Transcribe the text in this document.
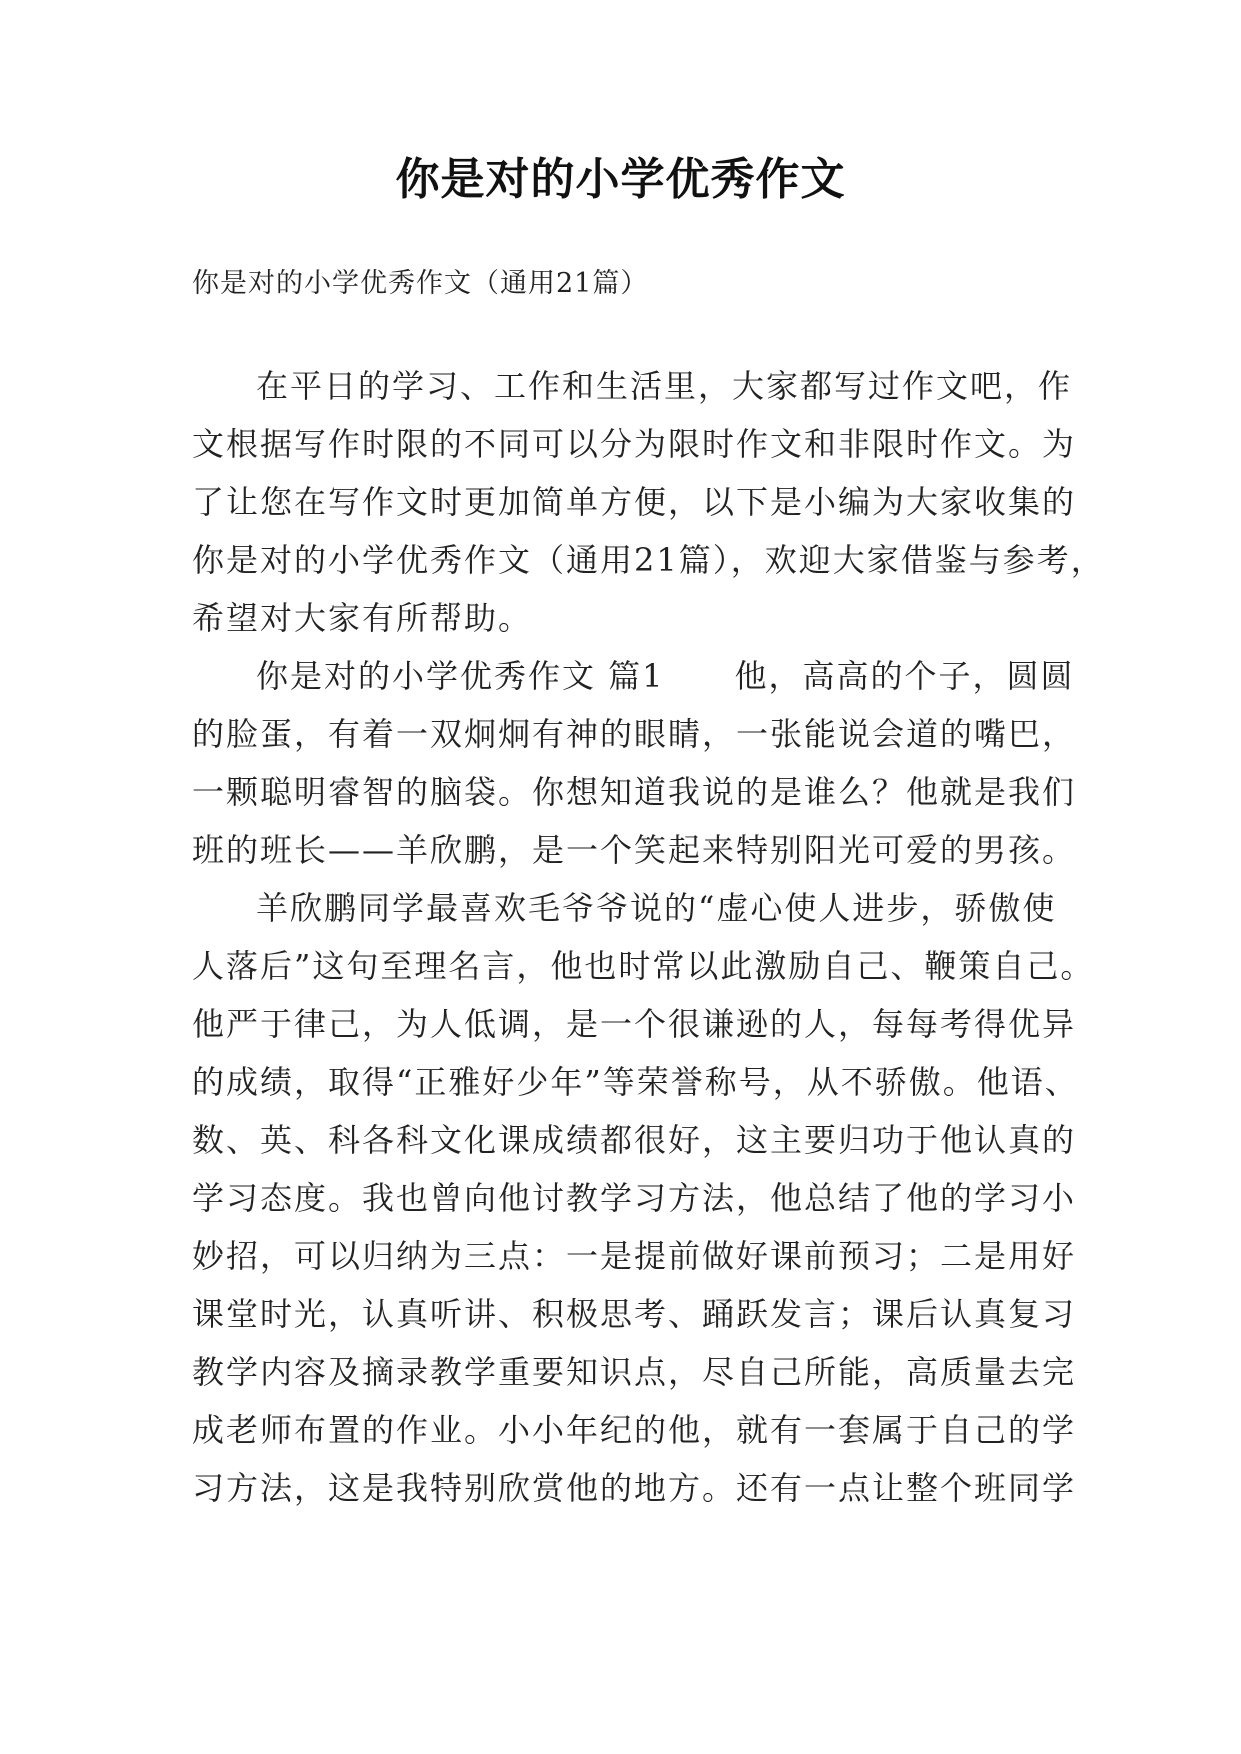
你是对的小学优秀作文
你是对的小学优秀作文（通用21篇）
在平日的学习、工作和生活里，大家都写过作文吧，作
文根据写作时限的不同可以分为限时作文和非限时作文。为
了让您在写作文时更加简单方便，以下是小编为大家收集的
你是对的小学优秀作文（通用21篇），欢迎大家借鉴与参考，
希望对大家有所帮助。
你是对的小学优秀作文 篇1 他，高高的个子，圆圆
的脸蛋，有着一双炯炯有神的眼睛，一张能说会道的嘴巴，
一颗聪明睿智的脑袋。你想知道我说的是谁么？他就是我们
班的班长——羊欣鹏，是一个笑起来特别阳光可爱的男孩。
羊欣鹏同学最喜欢毛爷爷说的“虚心使人进步，骄傲使
人落后”这句至理名言，他也时常以此激励自己、鞭策自己。
他严于律己，为人低调，是一个很谦逊的人，每每考得优异
的成绩，取得“正雅好少年”等荣誉称号，从不骄傲。他语、
数、英、科各科文化课成绩都很好，这主要归功于他认真的
学习态度。我也曾向他讨教学习方法，他总结了他的学习小
妙招，可以归纳为三点：一是提前做好课前预习；二是用好
课堂时光，认真听讲、积极思考、踊跃发言；课后认真复习
教学内容及摘录教学重要知识点，尽自己所能，高质量去完
成老师布置的作业。小小年纪的他，就有一套属于自己的学
习方法，这是我特别欣赏他的地方。还有一点让整个班同学
